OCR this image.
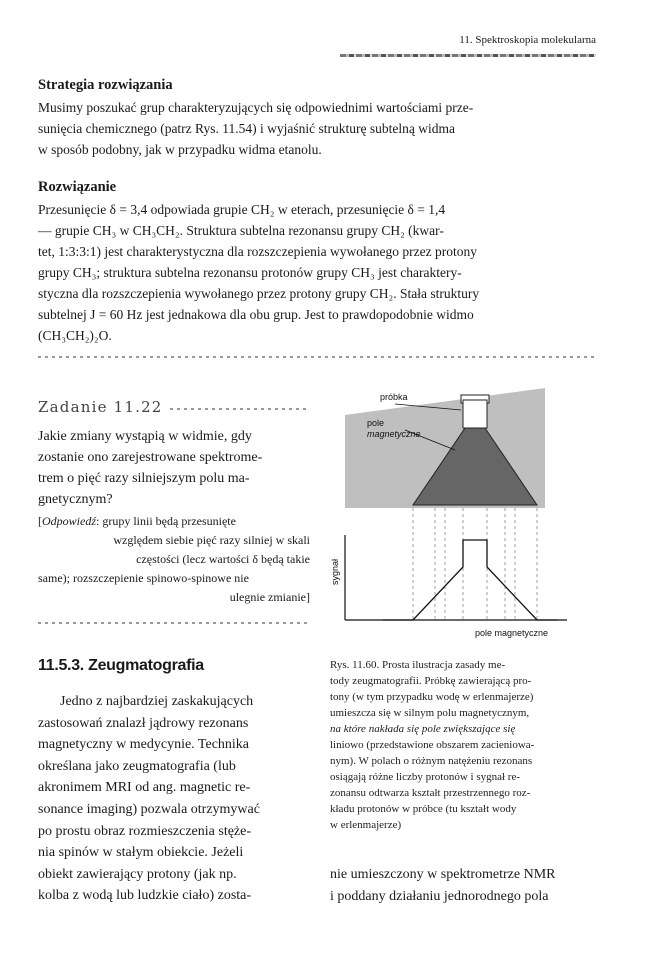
11. Spektroskopia molekularna
Strategia rozwiązania
Musimy poszukać grup charakteryzujących się odpowiednimi wartościami prze-
sunięcia chemicznego (patrz Rys. 11.54) i wyjaśnić strukturę subtelną widma
w sposób podobny, jak w przypadku widma etanolu.
Rozwiązanie
Przesunięcie δ = 3,4 odpowiada grupie CH₂ w eterach, przesunięcie δ = 1,4
— grupie CH₃ w CH₃CH₂. Struktura subtelna rezonansu grupy CH₂ (kwar-
tet, 1:3:3:1) jest charakterystyczna dla rozszczepienia wywołanego przez protony
grupy CH₃; struktura subtelna rezonansu protonów grupy CH₃ jest charaktery-
styczna dla rozszczepienia wywołanego przez protony grupy CH₂. Stała struktury
subtelnej J = 60 Hz jest jednakowa dla obu grup. Jest to prawdopodobnie widmo
(CH₃CH₂)₂O.
Zadanie 11.22
Jakie zmiany wystąpią w widmie, gdy
zostanie ono zarejestrowane spektrome-
trem o pięć razy silniejszym polu ma-
gnetycznym?
[Odpowiedź: grupy linii będą przesunięte
względem siebie pięć razy silniej w skali
częstości (lecz wartości δ będą takie
same); rozszczepienie spinowo-spinowe nie
ulegnie zmianie]
próbka
pole
magnetyczne
sygnał
pole magnetyczne
11.5.3. Zeugmatografia
Jedno z najbardziej zaskakujących
zastosowań znalazł jądrowy rezonans
magnetyczny w medycynie. Technika
określana jako zeugmatografia (lub
akronimem MRI od ang. magnetic re-
sonance imaging) pozwala otrzymywać
po prostu obraz rozmieszczenia stęże-
nia spinów w stałym obiekcie. Jeżeli
obiekt zawierający protony (jak np.
kolba z wodą lub ludzkie ciało) zosta-
Rys. 11.60. Prosta ilustracja zasady me-
tody zeugmatografii. Próbkę zawierającą pro-
tony (w tym przypadku wodę w erlenmajerze)
umieszcza się w silnym polu magnetycznym,
na które nakłada się pole zwiększające się
liniowo (przedstawione obszarem zacieniowa-
nym). W polach o różnym natężeniu rezonans
osiągają różne liczby protonów i sygnał re-
zonansu odtwarza kształt przestrzennego roz-
kładu protonów w próbce (tu kształt wody
w erlenmajerze)
nie umieszczony w spektrometrze NMR
i poddany działaniu jednorodnego pola
